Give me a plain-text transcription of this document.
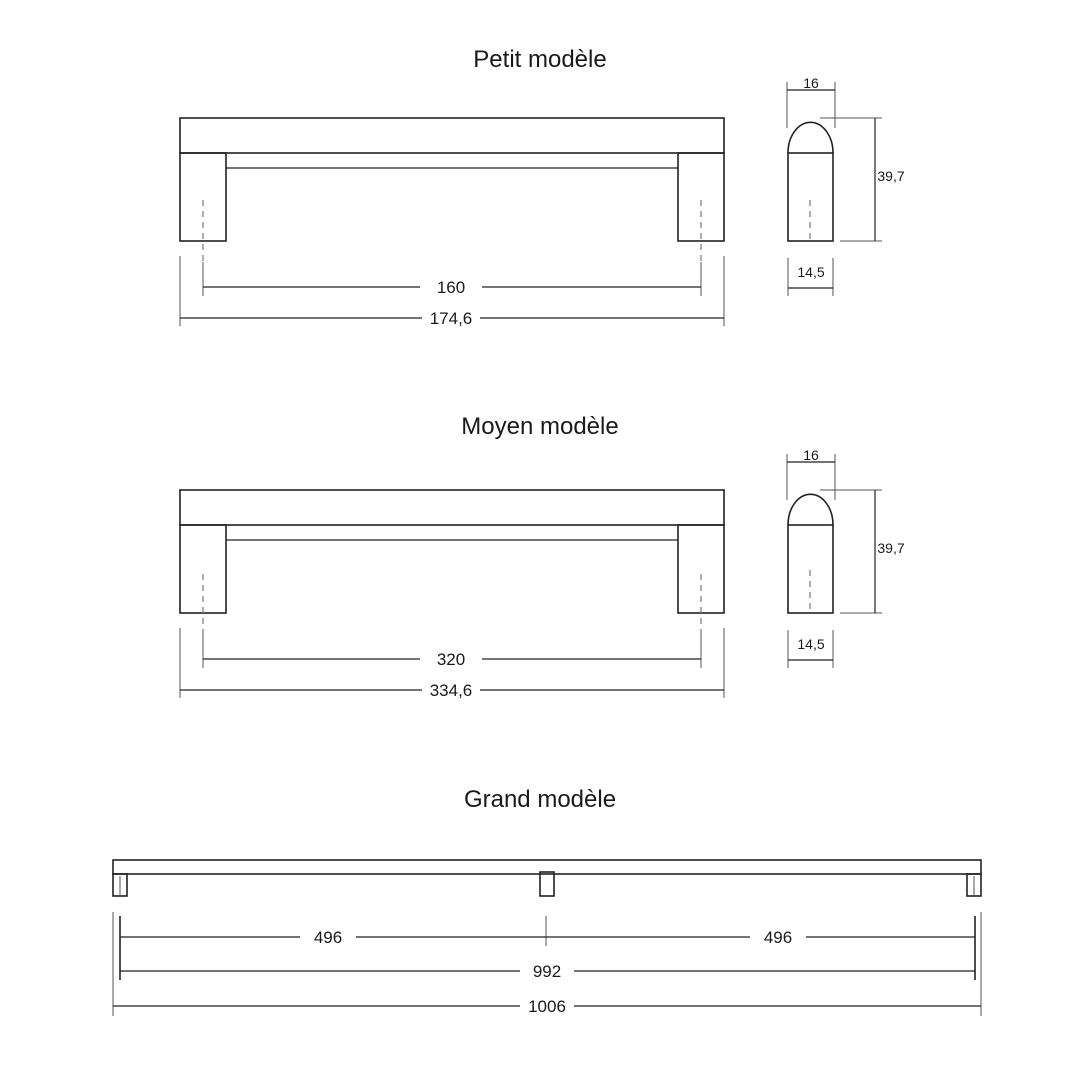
Petit modèle
160
174,6
16
39,7
14,5
Moyen modèle
320
334,6
16
39,7
14,5
Grand modèle
496	496
992
1006
